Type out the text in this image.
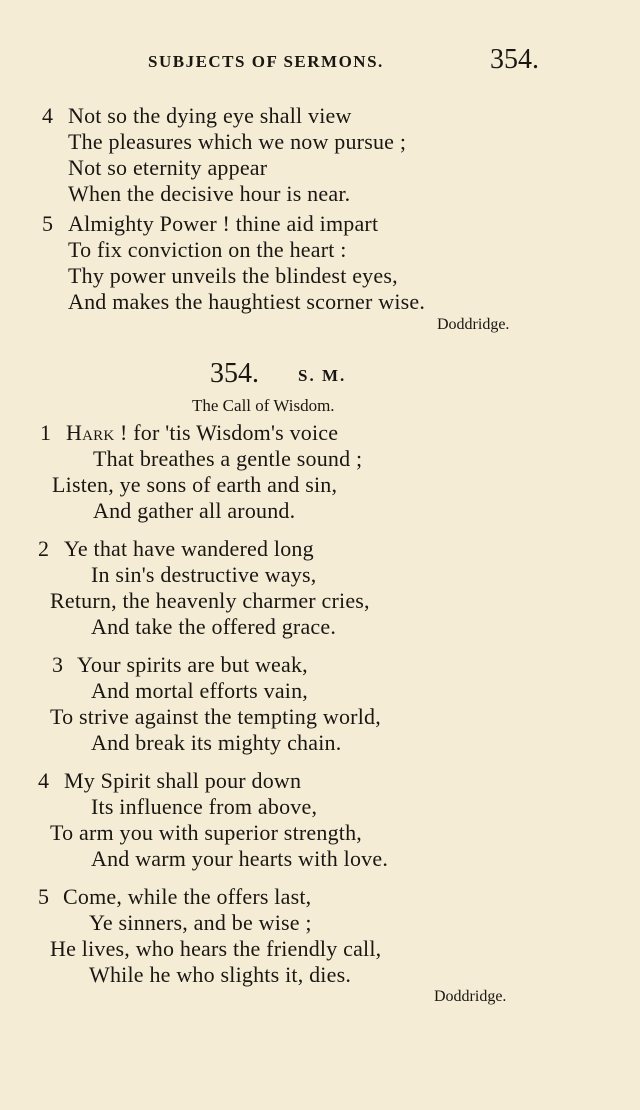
SUBJECTS OF SERMONS.	354.
4 Not so the dying eye shall view
The pleasures which we now pursue ;
Not so eternity appear
When the decisive hour is near.
5 Almighty Power ! thine aid impart
To fix conviction on the heart :
Thy power unveils the blindest eyes,
And makes the haughtiest scorner wise.
Doddridge.
354. S. M.
The Call of Wisdom.
1 Hark ! for 'tis Wisdom's voice
That breathes a gentle sound ;
Listen, ye sons of earth and sin,
And gather all around.
2 Ye that have wandered long
In sin's destructive ways,
Return, the heavenly charmer cries,
And take the offered grace.
3 Your spirits are but weak,
And mortal efforts vain,
To strive against the tempting world,
And break its mighty chain.
4 My Spirit shall pour down
Its influence from above,
To arm you with superior strength,
And warm your hearts with love.
5 Come, while the offers last,
Ye sinners, and be wise ;
He lives, who hears the friendly call,
While he who slights it, dies.
Doddridge.
